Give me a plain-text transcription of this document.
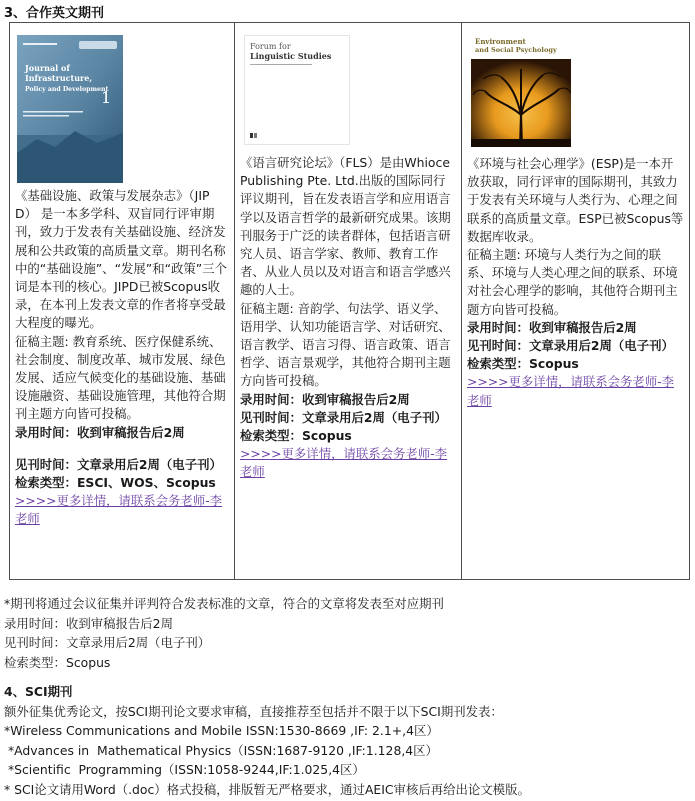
3、合作英文期刊
Journal of
Infrastructure,
Policy and Development
1

《基础设施、政策与发展杂志》（JIPD） 是一本多学科、双盲同行评审期刊，致力于发表有关基础设施、经济发展和公共政策的高质量文章。期刊名称中的“基础设施”、“发展”和“政策”三个词是本刊的核心。JIPD已被Scopus收录，在本刊上发表文章的作者将享受最大程度的曝光。

征稿主题: 教育系统、医疗保健系统、社会制度、制度改革、城市发展、绿色发展、适应气候变化的基础设施、基础设施融资、基础设施管理，其他符合期刊主题方向皆可投稿。

录用时间：收到审稿报告后2周

见刊时间：文章录用后2周（电子刊）

检索类型：ESCI、WOS、Scopus

>>>>更多详情，请联系会务老师-李老师	
Forum for
Linguistic Studies

《语言研究论坛》（FLS）是由Whioce Publishing Pte. Ltd.出版的国际同行评议期刊，旨在发表语言学和应用语言学以及语言哲学的最新研究成果。该期刊服务于广泛的读者群体，包括语言研究人员、语言学家、教师、教育工作者、从业人员以及对语言和语言学感兴趣的人士。

征稿主题: 音韵学、句法学、语义学、语用学、认知功能语言学、对话研究、语言教学、语言习得、语言政策、语言哲学、语言景观学，其他符合期刊主题方向皆可投稿。

录用时间：收到审稿报告后2周

见刊时间：文章录用后2周（电子刊）

检索类型：Scopus

>>>>更多详情，请联系会务老师-李老师	
Environment
and Social Psychology

《环境与社会心理学》(ESP)是一本开放获取，同行评审的国际期刊，其致力于发表有关环境与人类行为、心理之间联系的高质量文章。ESP已被Scopus等数据库收录。

征稿主题: 环境与人类行为之间的联系、环境与人类心理之间的联系、环境对社会心理学的影响，其他符合期刊主题方向皆可投稿。

录用时间：收到审稿报告后2周

见刊时间：文章录用后2周（电子刊）

检索类型：Scopus

>>>>更多详情，请联系会务老师-李老师

*期刊将通过会议征集并评判符合发表标准的文章，符合的文章将发表至对应期刊

录用时间：收到审稿报告后2周

见刊时间：文章录用后2周（电子刊）

检索类型：Scopus

4、SCI期刊

额外征集优秀论文，按SCI期刊论文要求审稿，直接推荐至包括并不限于以下SCI期刊发表：

*Wireless Communications and Mobile ISSN:1530-8669 ,IF: 2.1+,4区）

*Advances in  Mathematical Physics（ISSN:1687-9120 ,IF:1.128,4区）

*Scientific  Programming（ISSN:1058-9244,IF:1.025,4区）

* SCI论文请用Word（.doc）格式投稿，排版暂无严格要求，通过AEIC审核后再给出论文模版。
